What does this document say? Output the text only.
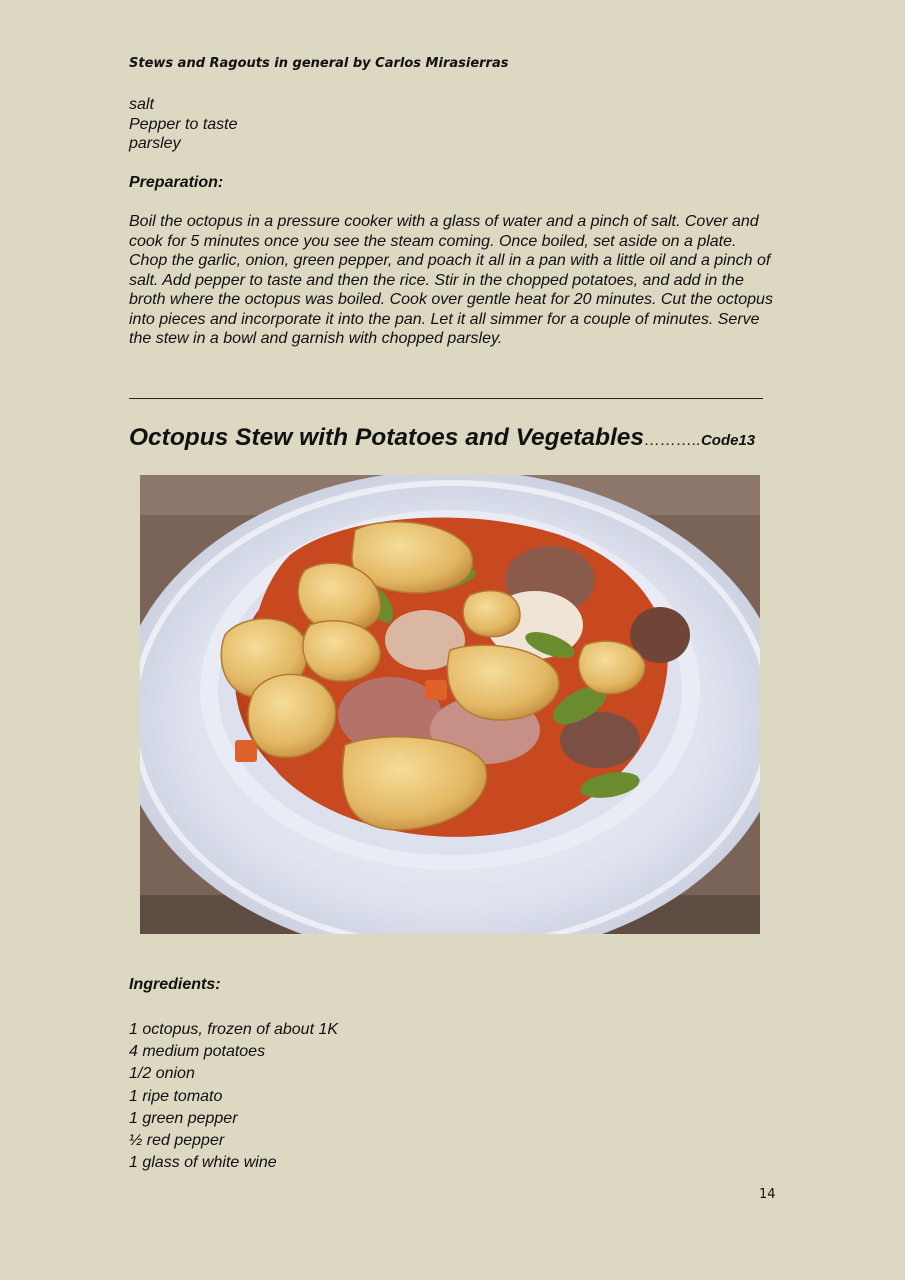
Stews and Ragouts in general by Carlos Mirasierras
salt
Pepper to taste
parsley
Preparation:

Boil the octopus in a pressure cooker with a glass of water and a pinch of salt. Cover and cook for 5 minutes once you see the steam coming. Once boiled, set aside on a plate.

Chop the garlic, onion, green pepper, and poach it all in a pan with a little oil and a pinch of salt. Add pepper to taste and then the rice. Stir in the chopped potatoes, and add in the broth where the octopus was boiled. Cook over gentle heat for 20 minutes. Cut the octopus into pieces and incorporate it into the pan. Let it all simmer for a couple of minutes. Serve the stew in a bowl and garnish with chopped parsley.

Octopus Stew with Potatoes and Vegetables………..Code13
Ingredients:
1 octopus, frozen of about 1K
4 medium potatoes
1/2 onion
1 ripe tomato
1 green pepper
½ red pepper
1 glass of white wine
14
